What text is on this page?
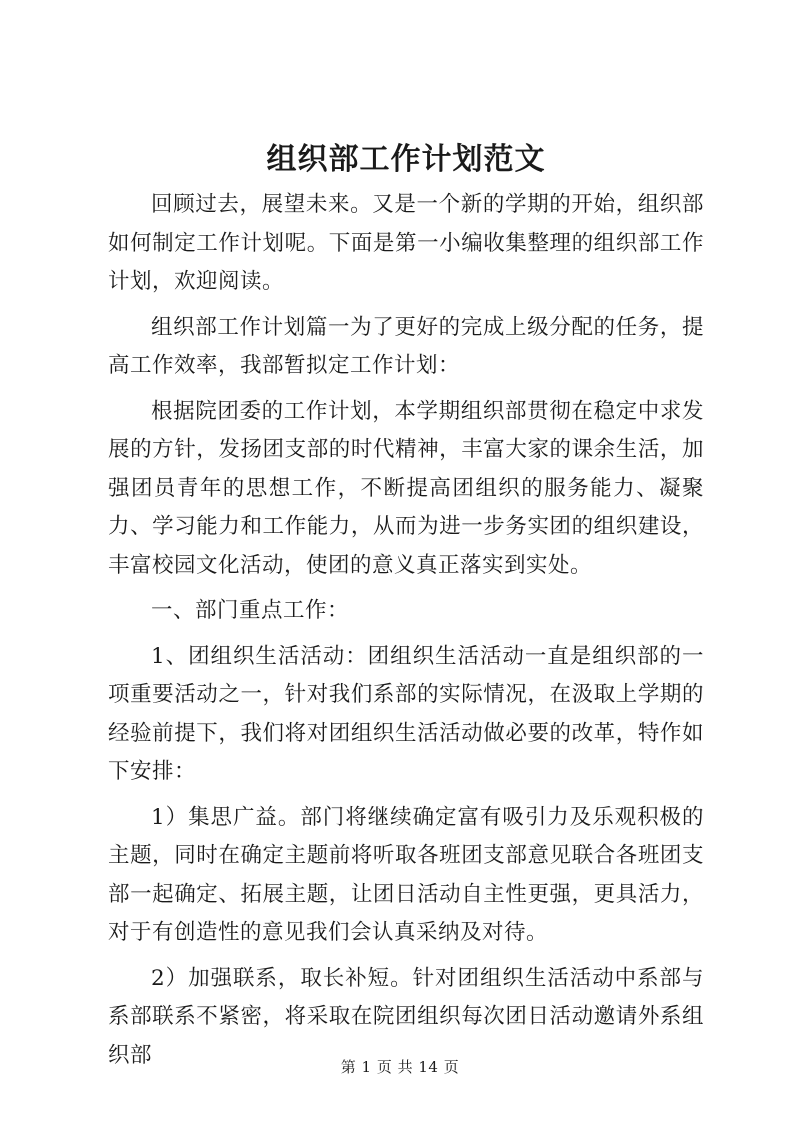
组织部工作计划范文

回顾过去，展望未来。又是一个新的学期的开始，组织部如何制定工作计划呢。下面是第一小编收集整理的组织部工作计划，欢迎阅读。

组织部工作计划篇一为了更好的完成上级分配的任务，提高工作效率，我部暂拟定工作计划：

根据院团委的工作计划，本学期组织部贯彻在稳定中求发展的方针，发扬团支部的时代精神，丰富大家的课余生活，加强团员青年的思想工作，不断提高团组织的服务能力、凝聚力、学习能力和工作能力，从而为进一步务实团的组织建设，丰富校园文化活动，使团的意义真正落实到实处。

一、部门重点工作：

1、团组织生活活动：团组织生活活动一直是组织部的一项重要活动之一，针对我们系部的实际情况，在汲取上学期的经验前提下，我们将对团组织生活活动做必要的改革，特作如下安排：

1）集思广益。部门将继续确定富有吸引力及乐观积极的主题，同时在确定主题前将听取各班团支部意见联合各班团支部一起确定、拓展主题，让团日活动自主性更强，更具活力，对于有创造性的意见我们会认真采纳及对待。

2）加强联系，取长补短。针对团组织生活活动中系部与系部联系不紧密，将采取在院团组织每次团日活动邀请外系组织部	第 1 页 共 14 页
